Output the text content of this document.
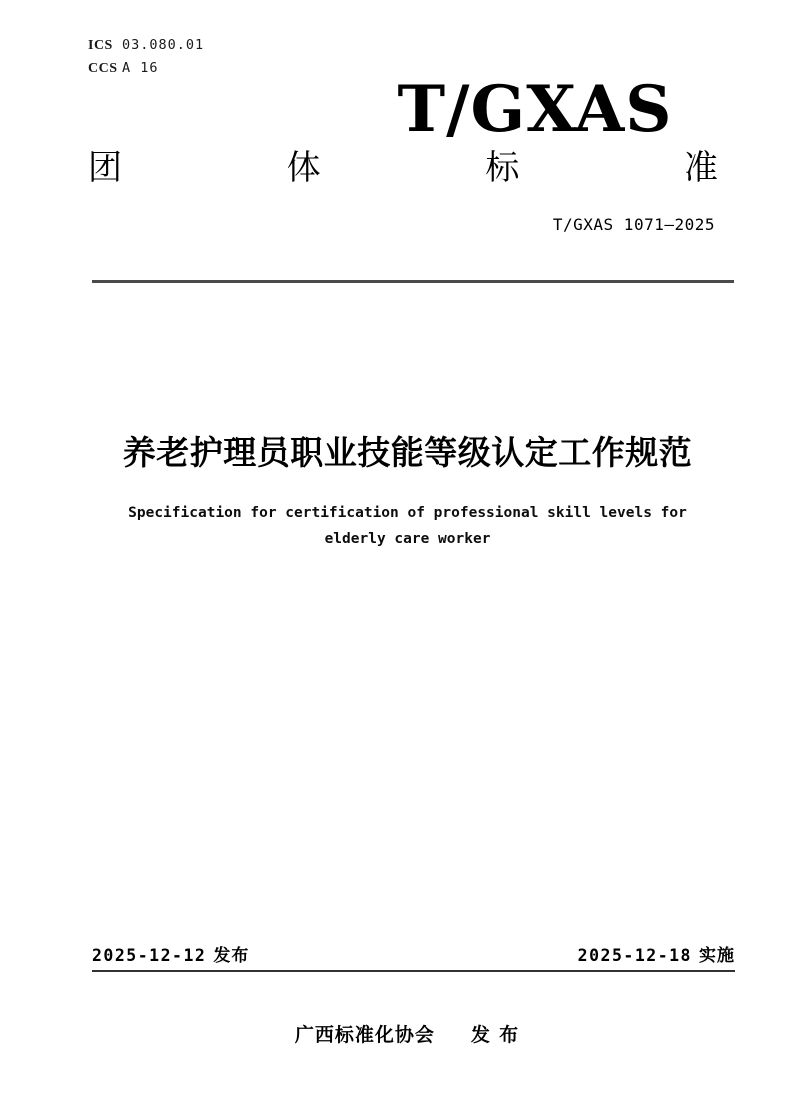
ICS 03.080.01
CCS A 16
T/GXAS
团	体	标	准
T/GXAS 1071—2025
养老护理员职业技能等级认定工作规范
Specification for certification of professional skill levels for
elderly care worker
2025-12-12 发布	2025-12-18 实施
广西标准化协会 发 布
